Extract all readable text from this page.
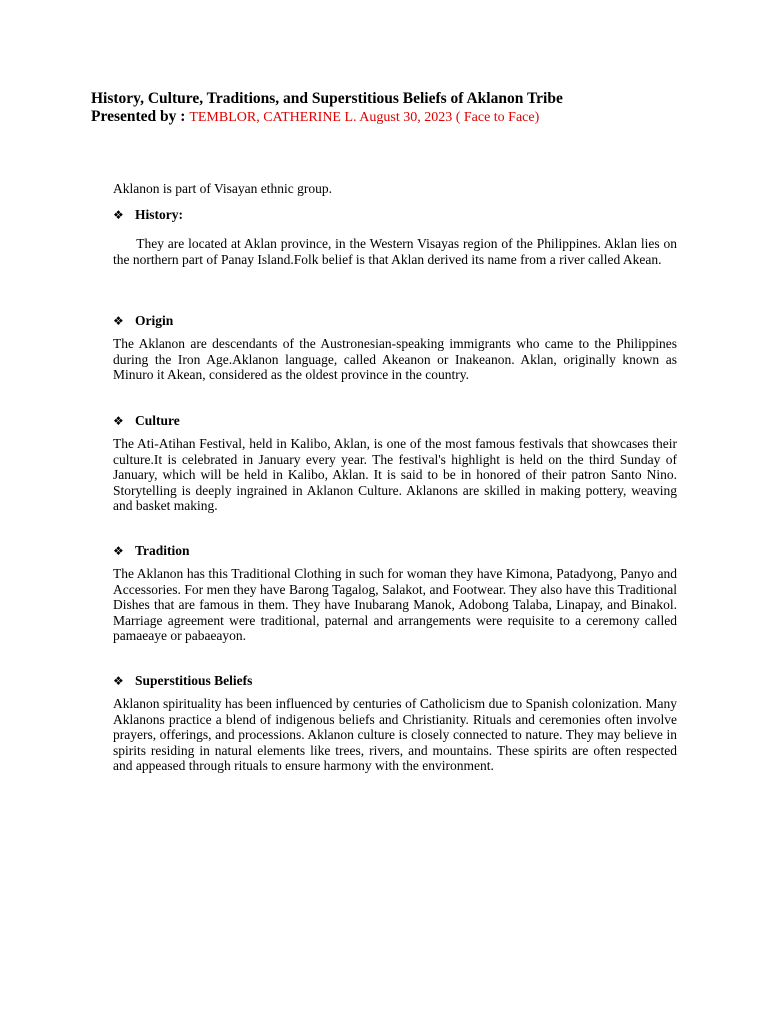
History, Culture, Traditions, and Superstitious Beliefs of Aklanon Tribe
Presented by : TEMBLOR, CATHERINE L. August 30, 2023 ( Face to Face)
Aklanon is part of Visayan ethnic group.
❖ History:
They are located at Aklan province, in the Western Visayas region of the Philippines. Aklan lies on the northern part of Panay Island.Folk belief is that Aklan derived its name from a river called Akean.
❖ Origin
The Aklanon are descendants of the Austronesian-speaking immigrants who came to the Philippines during the Iron Age.Aklanon language, called Akeanon or Inakeanon. Aklan, originally known as Minuro it Akean, considered as the oldest province in the country.
❖ Culture
The Ati-Atihan Festival, held in Kalibo, Aklan, is one of the most famous festivals that showcases their culture.It is celebrated in January every year. The festival's highlight is held on the third Sunday of January, which will be held in Kalibo, Aklan. It is said to be in honored of their patron Santo Nino. Storytelling is deeply ingrained in Aklanon Culture. Aklanons are skilled in making pottery, weaving and basket making.
❖ Tradition
The Aklanon has this Traditional Clothing in such for woman they have Kimona, Patadyong, Panyo and Accessories. For men they have Barong Tagalog, Salakot, and Footwear. They also have this Traditional Dishes that are famous in them. They have Inubarang Manok, Adobong Talaba, Linapay, and Binakol. Marriage agreement were traditional, paternal and arrangements were requisite to a ceremony called pamaeaye or pabaeayon.
❖ Superstitious Beliefs
Aklanon spirituality has been influenced by centuries of Catholicism due to Spanish colonization. Many Aklanons practice a blend of indigenous beliefs and Christianity. Rituals and ceremonies often involve prayers, offerings, and processions. Aklanon culture is closely connected to nature. They may believe in spirits residing in natural elements like trees, rivers, and mountains. These spirits are often respected and appeased through rituals to ensure harmony with the environment.
